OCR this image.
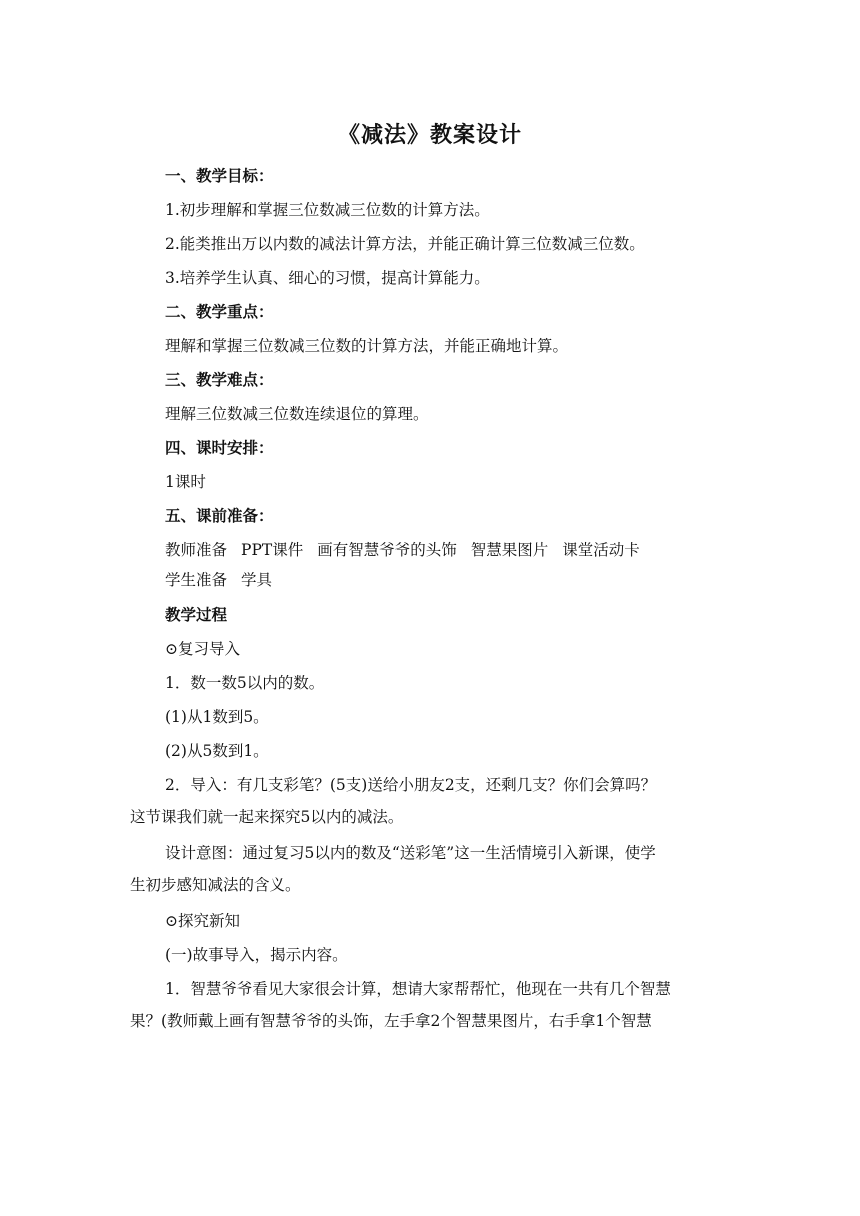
《减法》教案设计
一、教学目标：
1.初步理解和掌握三位数减三位数的计算方法。
2.能类推出万以内数的减法计算方法，并能正确计算三位数减三位数。
3.培养学生认真、细心的习惯，提高计算能力。
二、教学重点：
理解和掌握三位数减三位数的计算方法，并能正确地计算。
三、教学难点：
理解三位数减三位数连续退位的算理。
四、课时安排：
1课时
五、课前准备：
教师准备 PPT课件 画有智慧爷爷的头饰 智慧果图片 课堂活动卡
学生准备 学具
教学过程
⊙复习导入
1．数一数5以内的数。
(1)从1数到5。
(2)从5数到1。
2．导入：有几支彩笔？(5支)送给小朋友2支，还剩几支？你们会算吗？
这节课我们就一起来探究5以内的减法。
设计意图：通过复习5以内的数及“送彩笔”这一生活情境引入新课，使学
生初步感知减法的含义。
⊙探究新知
(一)故事导入，揭示内容。
1．智慧爷爷看见大家很会计算，想请大家帮帮忙，他现在一共有几个智慧
果？(教师戴上画有智慧爷爷的头饰，左手拿2个智慧果图片，右手拿1个智慧
